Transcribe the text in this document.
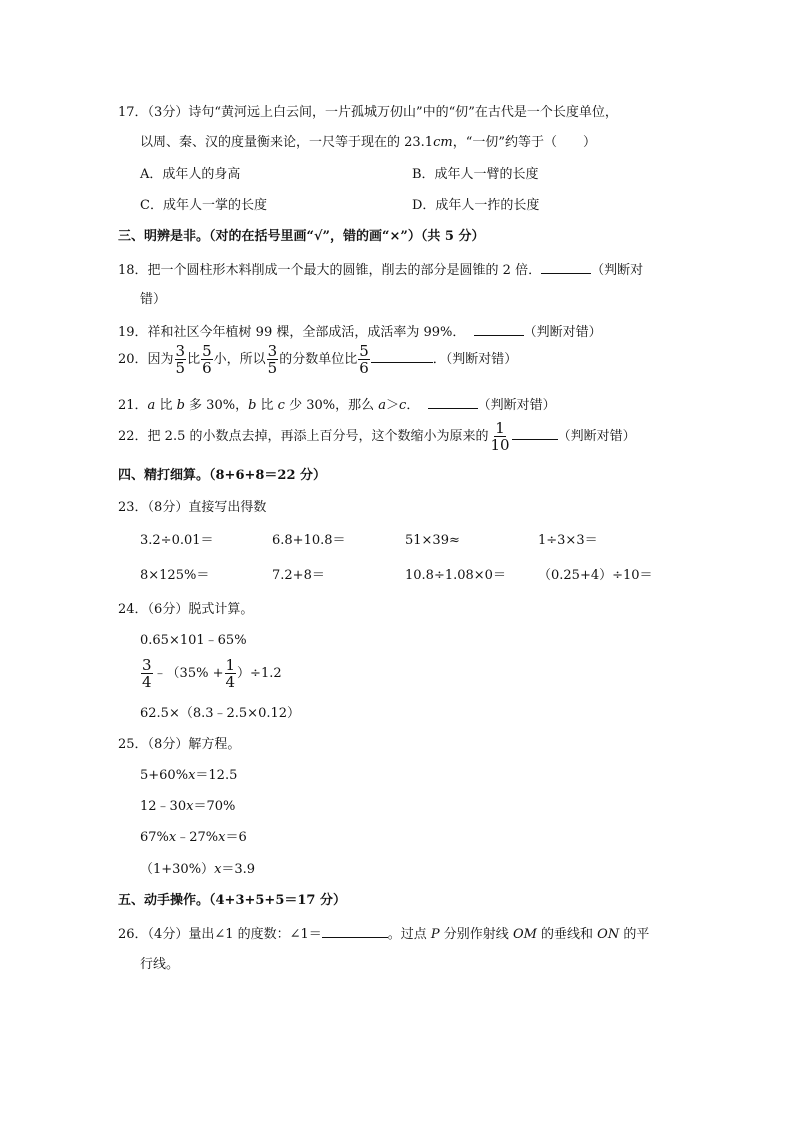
17．（3分）诗句“黄河远上白云间，一片孤城万仞山”中的“仞”在古代是一个长度单位，
以周、秦、汉的度量衡来论，一尺等于现在的 23.1cm，“一仞”约等于（　　）
A．成年人的身高	B．成年人一臂的长度
C．成年人一掌的长度	D．成年人一拃的长度
三、明辨是非。（对的在括号里画“√”，错的画“×”）（共 5 分）
18．把一个圆柱形木料削成一个最大的圆锥，削去的部分是圆锥的 2 倍．	（判断对
错）
19．祥和社区今年植树 99 棵，全部成活，成活率为 99%．	（判断对错）
20．因为 $\frac{3}{5}$ 比 $\frac{5}{6}$ 小，所以 $\frac{3}{5}$ 的分数单位比 $\frac{5}{6}$	．（判断对错）
21．a 比 b 多 30%，b 比 c 少 30%，那么 a＞c．	（判断对错）
22．把 2.5 的小数点去掉，再添上百分号，这个数缩小为原来的 $\frac{1}{10}$	（判断对错）
四、精打细算。（8+6+8＝22 分）
23．（8分）直接写出得数
3.2÷0.01＝	6.8+10.8＝	51×39≈	1÷3×3＝
8×125%＝	7.2+8＝	10.8÷1.08×0＝ （0.25+4）÷10＝
24．（6分）脱式计算。
0.65×101﹣65%
$\frac{3}{4}$ ﹣（35% + $\frac{1}{4} )\div 1.2$
62.5×（8.3﹣2.5×0.12）
25．（8分）解方程。
5+60%x＝12.5
12﹣30x＝70%
67%x﹣27%x＝6
（1+30%）x＝3.9
五、动手操作。（4+3+5+5＝17 分）
26．（4分）量出∠1 的度数：∠1＝	。过点 P 分别作射线 OM 的垂线和 ON 的平
行线。
